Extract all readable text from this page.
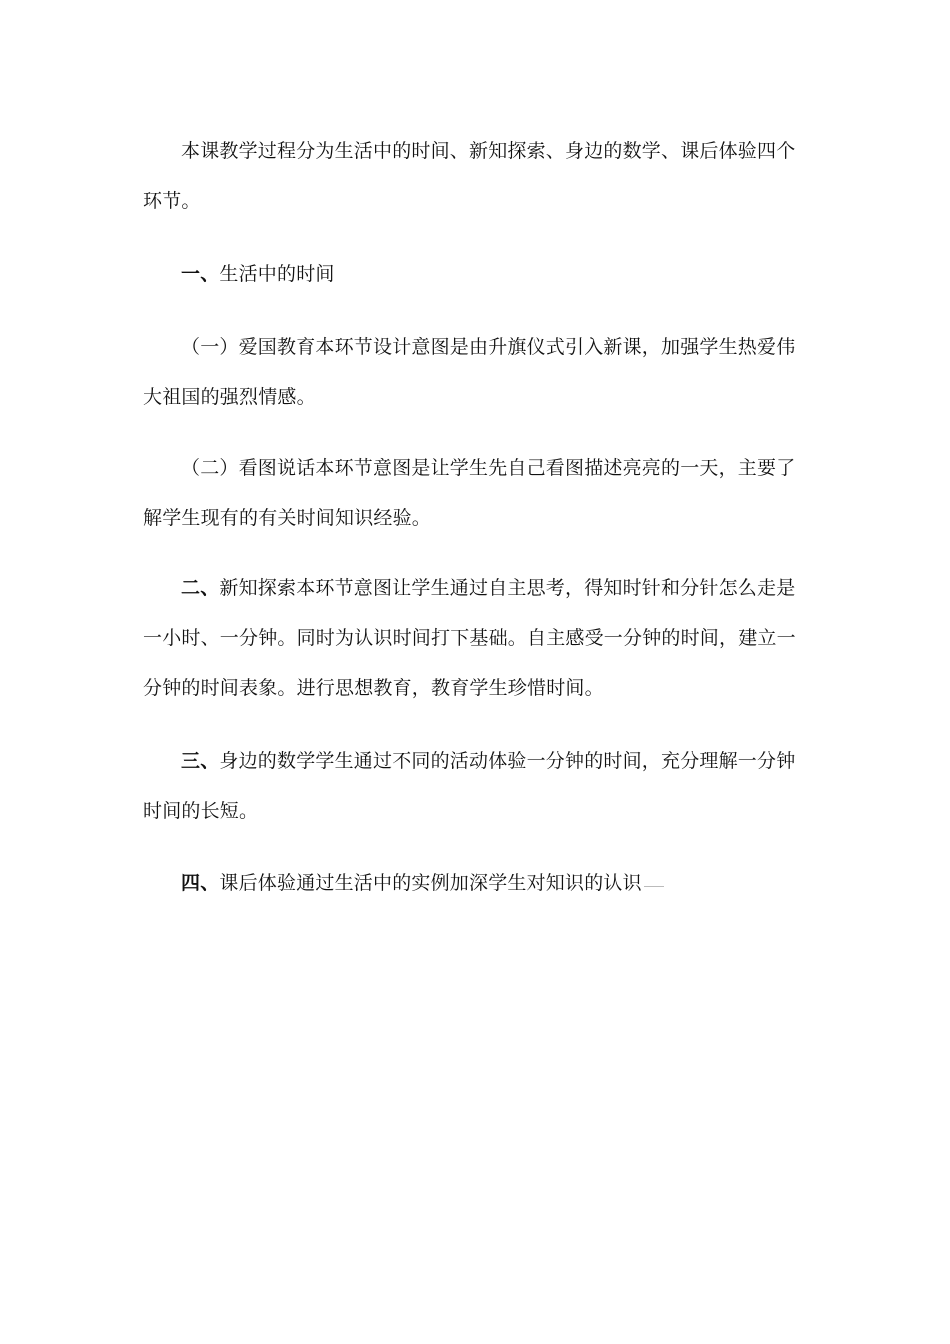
本课教学过程分为生活中的时间、新知探索、身边的数学、课后体验四个环节。

一、生活中的时间

（一）爱国教育本环节设计意图是由升旗仪式引入新课，加强学生热爱伟大祖国的强烈情感。

（二）看图说话本环节意图是让学生先自己看图描述亮亮的一天，主要了解学生现有的有关时间知识经验。

二、新知探索本环节意图让学生通过自主思考，得知时针和分针怎么走是一小时、一分钟。同时为认识时间打下基础。自主感受一分钟的时间，建立一分钟的时间表象。进行思想教育，教育学生珍惜时间。

三、身边的数学学生通过不同的活动体验一分钟的时间，充分理解一分钟时间的长短。

四、课后体验通过生活中的实例加深学生对知识的认识
